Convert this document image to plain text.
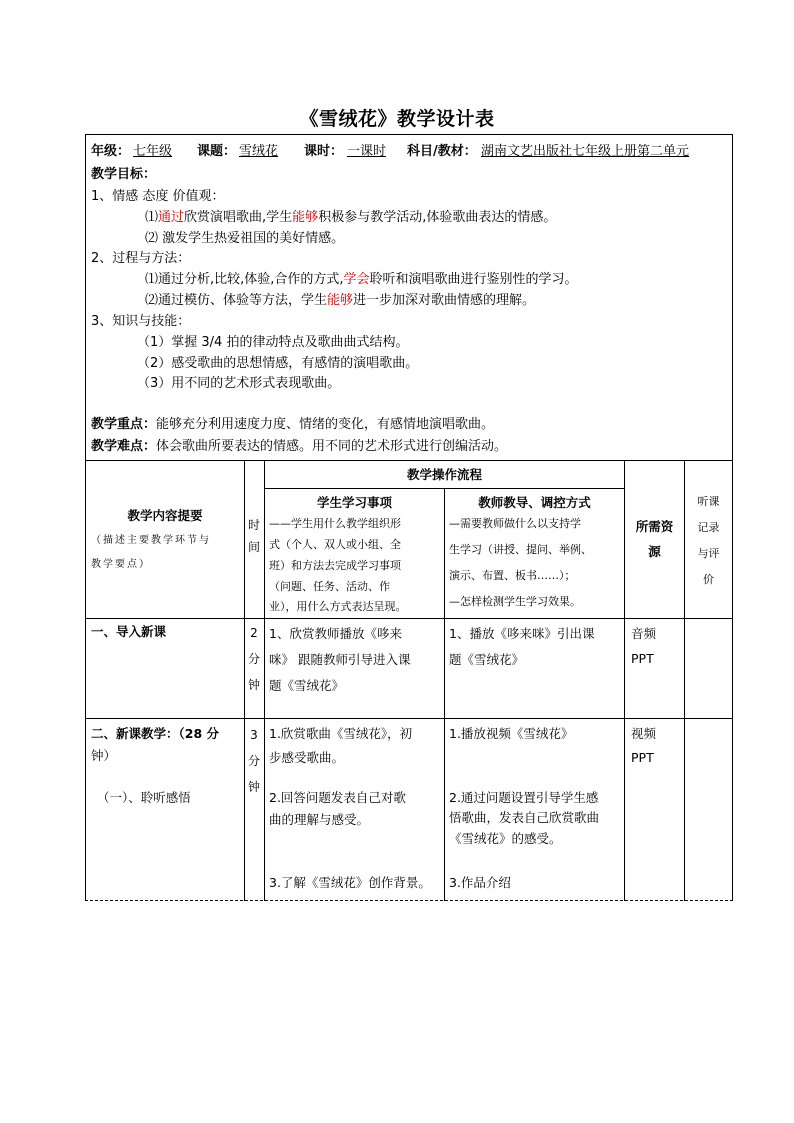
《雪绒花》教学设计表
年级： 七年级 课题： 雪绒花 课时： 一课时 科目/教材： 湖南文艺出版社七年级上册第二单元
教学目标：
1、情感 态度 价值观：
⑴通过欣赏演唱歌曲,学生能够积极参与教学活动,体验歌曲表达的情感。
⑵ 激发学生热爱祖国的美好情感。
2、过程与方法：
⑴通过分析,比较,体验,合作的方式,学会聆听和演唱歌曲进行鉴别性的学习。
⑵通过模仿、体验等方法，学生能够进一步加深对歌曲情感的理解。
3、知识与技能：
（1）掌握 3/4 拍的律动特点及歌曲曲式结构。
（2）感受歌曲的思想情感，有感情的演唱歌曲。
（3）用不同的艺术形式表现歌曲。
教学重点：能够充分利用速度力度、情绪的变化，有感情地演唱歌曲。
教学难点：体会歌曲所要表达的情感。用不同的艺术形式进行创编活动。
教学内容提要
（描述主要教学环节与
教学要点）
时
间
教学操作流程
学生学习事项
——学生用什么教学组织形
式（个人、双人或小组、全
班）和方法去完成学习事项
（问题、任务、活动、作
业），用什么方式表达呈现。
教师教导、调控方式
—需要教师做什么以支持学
生学习（讲授、提问、举例、
演示、布置、板书……）；
—怎样检测学生学习效果。
所需资
源
听课
记录
与评
价
一、导入新课	2
分
钟
1、欣赏教师播放《哆来
咪》 跟随教师引导进入课
题《雪绒花》
1、播放《哆来咪》引出课
题《雪绒花》
音频
PPT
二、新课教学：（28 分
钟）
（一）、聆听感悟
3
分
钟
1.欣赏歌曲《雪绒花》，初
步感受歌曲。
2.回答问题发表自己对歌
曲的理解与感受。
3.了解《雪绒花》创作背景。
1.播放视频《雪绒花》
2.通过问题设置引导学生感
悟歌曲，发表自己欣赏歌曲
《雪绒花》的感受。
3.作品介绍
视频
PPT
